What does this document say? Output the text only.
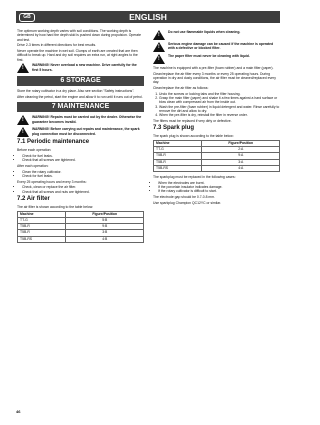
GB	ENGLISH

The optimum working depth varies with soil conditions. The working depth is determined by how hard the depth skid is pushed down during propulsion. Operate and test.

Drive 2-3 times in different directions for best results.

Never operate the machine in wet soil. Clumps of earth are created that are then difficult to break up. Hard and dry soil requires an extra run, at right angles to the first.

! WARNING! Never overload a new machine. Drive carefully for the first 5 hours.
6 STORAGE

Store the rotary cultivator in a dry place. Also see section "Safety instructions".

After cleaning the petrol, start the engine and allow it to run until it runs out of petrol.

7 MAINTENANCE
! WARNING! Repairs must be carried out by the dealer. Otherwise the guarantee becomes invalid.
! WARNING! Before carrying out repairs and maintenance, the spark plug connection must be disconnected.
7.1 Periodic maintenance

Before each operation:

• Check for fuel leaks.
• Check that all screws are tightened.

After each operation:

• Clean the rotary cultivator.
• Check for fuel leaks.

Every 25 operating hours and every 3 months:

• Check, clean or replace the air filter.
• Check that all screws and nuts are tightened.
7.2 Air filter

The air filter is shown according to the table below:

Machine	Figure/Position
TT-G	5:B
T5B-R	9:B
T5B-R	3:B
T5B-RS	4:B
! Do not use flammable liquids when cleaning.
! Serious engine damage can be caused if the machine is operated with a defective or blocked filter.
! The paper filter must never be cleaning with liquid.

The machine is equipped with a pre-filter (foam rubber) and a main filter (paper).

Clean/replace the air filter every 3 months or every 25 operating hours. During operation in dry and dusty conditions, the air filter must be cleaned/replaced every day.

Clean/replace the air filter as follows:

1. Undo the screws or locking tabs and the filter housing.
2. Grasp the main filter (paper) and shake it a few times against a hard surface or blow clean with compressed air from the inside out.
3. Wash the pre-filter (foam rubber) in liquid detergent and water. Rinse carefully to remove the dirt and allow to dry.
4. When the pre-filter is dry, reinstall the filter in reverse order.

The filters must be replaced if very dirty or defective.

7.3 Spark plug

The spark plug is shown according to the table below:

Machine	Figure/Position
TT-G	2:A
T5B-R	9:A
T5B-R	3:A
T5B-RS	4:A

The sparkplug must be replaced in the following cases:

• When the electrodes are burnt.
• If the porcelain insulator indicates damage.
• If the rotary cultivator is difficult to start.

The electrode gap should be 0.7-0.8 mm.

Use sparkplug Champion QC12YC or similar.

46
